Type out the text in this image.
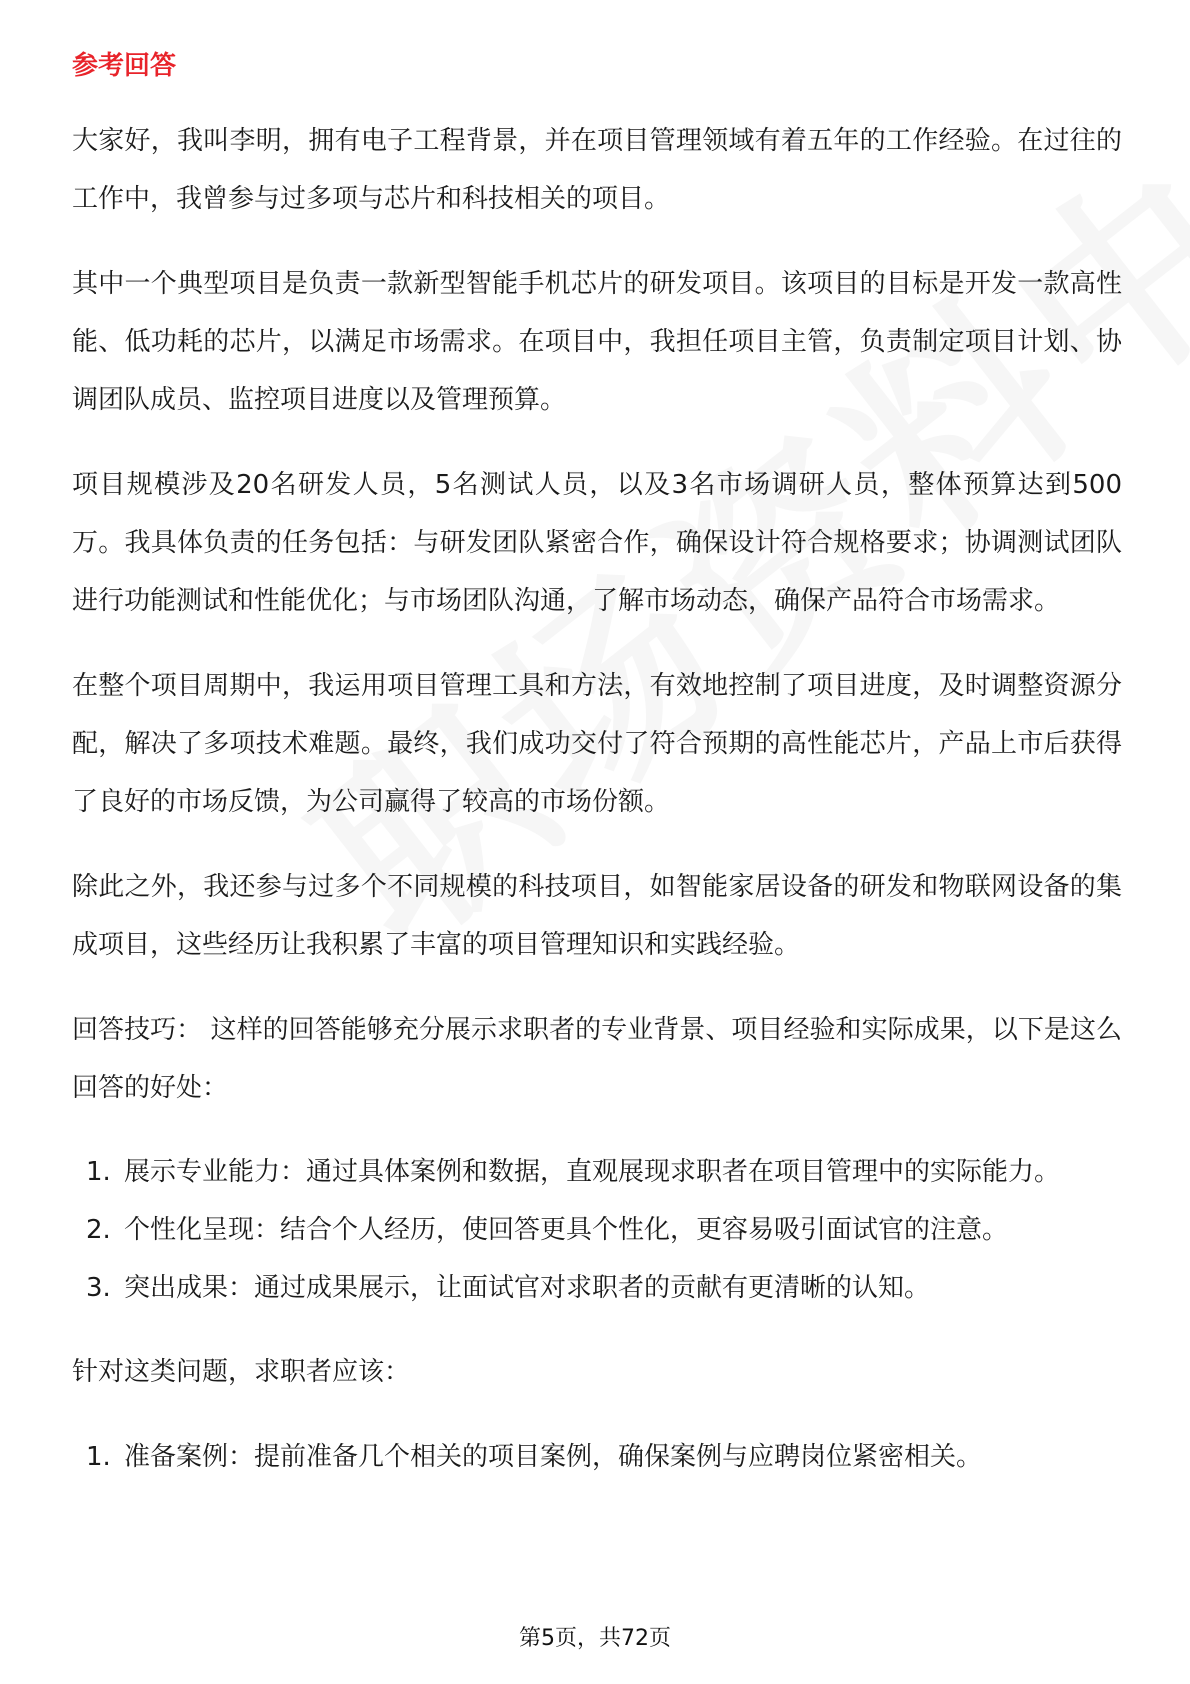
参考回答

大家好，我叫李明，拥有电子工程背景，并在项目管理领域有着五年的工作经验。在过往的工作中，我曾参与过多项与芯片和科技相关的项目。

其中一个典型项目是负责一款新型智能手机芯片的研发项目。该项目的目标是开发一款高性能、低功耗的芯片，以满足市场需求。在项目中，我担任项目主管，负责制定项目计划、协调团队成员、监控项目进度以及管理预算。

项目规模涉及20名研发人员，5名测试人员，以及3名市场调研人员，整体预算达到500万。我具体负责的任务包括：与研发团队紧密合作，确保设计符合规格要求；协调测试团队进行功能测试和性能优化；与市场团队沟通，了解市场动态，确保产品符合市场需求。

在整个项目周期中，我运用项目管理工具和方法，有效地控制了项目进度，及时调整资源分配，解决了多项技术难题。最终，我们成功交付了符合预期的高性能芯片，产品上市后获得了良好的市场反馈，为公司赢得了较高的市场份额。

除此之外，我还参与过多个不同规模的科技项目，如智能家居设备的研发和物联网设备的集成项目，这些经历让我积累了丰富的项目管理知识和实践经验。

回答技巧： 这样的回答能够充分展示求职者的专业背景、项目经验和实际成果，以下是这么回答的好处：

1. 展示专业能力：通过具体案例和数据，直观展现求职者在项目管理中的实际能力。
2. 个性化呈现：结合个人经历，使回答更具个性化，更容易吸引面试官的注意。
3. 突出成果：通过成果展示，让面试官对求职者的贡献有更清晰的认知。

针对这类问题，求职者应该：

1. 准备案例：提前准备几个相关的项目案例，确保案例与应聘岗位紧密相关。
第5页，共72页
